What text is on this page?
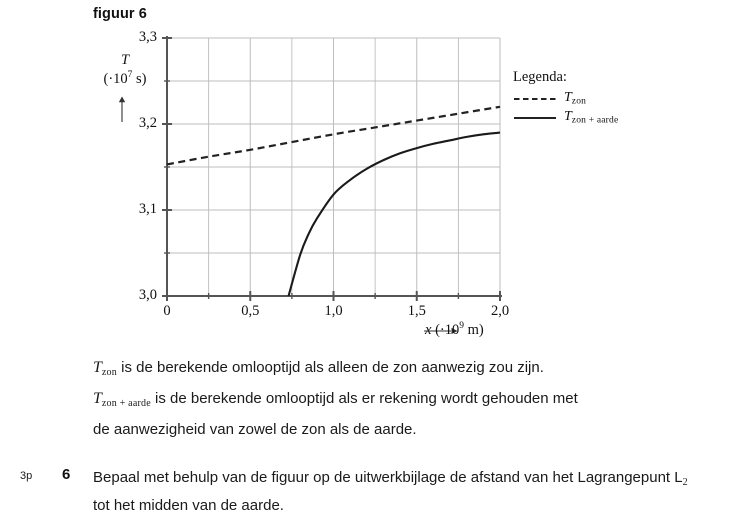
figuur 6
T
($\cdot 10^7$ s)
x ($\cdot 10^9$ m)
3,0
3,1
3,2
3,3
0	0,5	1,0	1,5	2,0
Legenda:
$T_{zon}$
$T_{zon + aarde}$

$T_{zon}$ is de berekende omlooptijd als alleen de zon aanwezig zou zijn.

$T_{zon + aarde}$ is de berekende omlooptijd als er rekening wordt gehouden met

de aanwezigheid van zowel de zon als de aarde.

3p 6 Bepaal met behulp van de figuur op de uitwerkbijlage de afstand van het Lagrangepunt $L_2$ tot het midden van de aarde.
